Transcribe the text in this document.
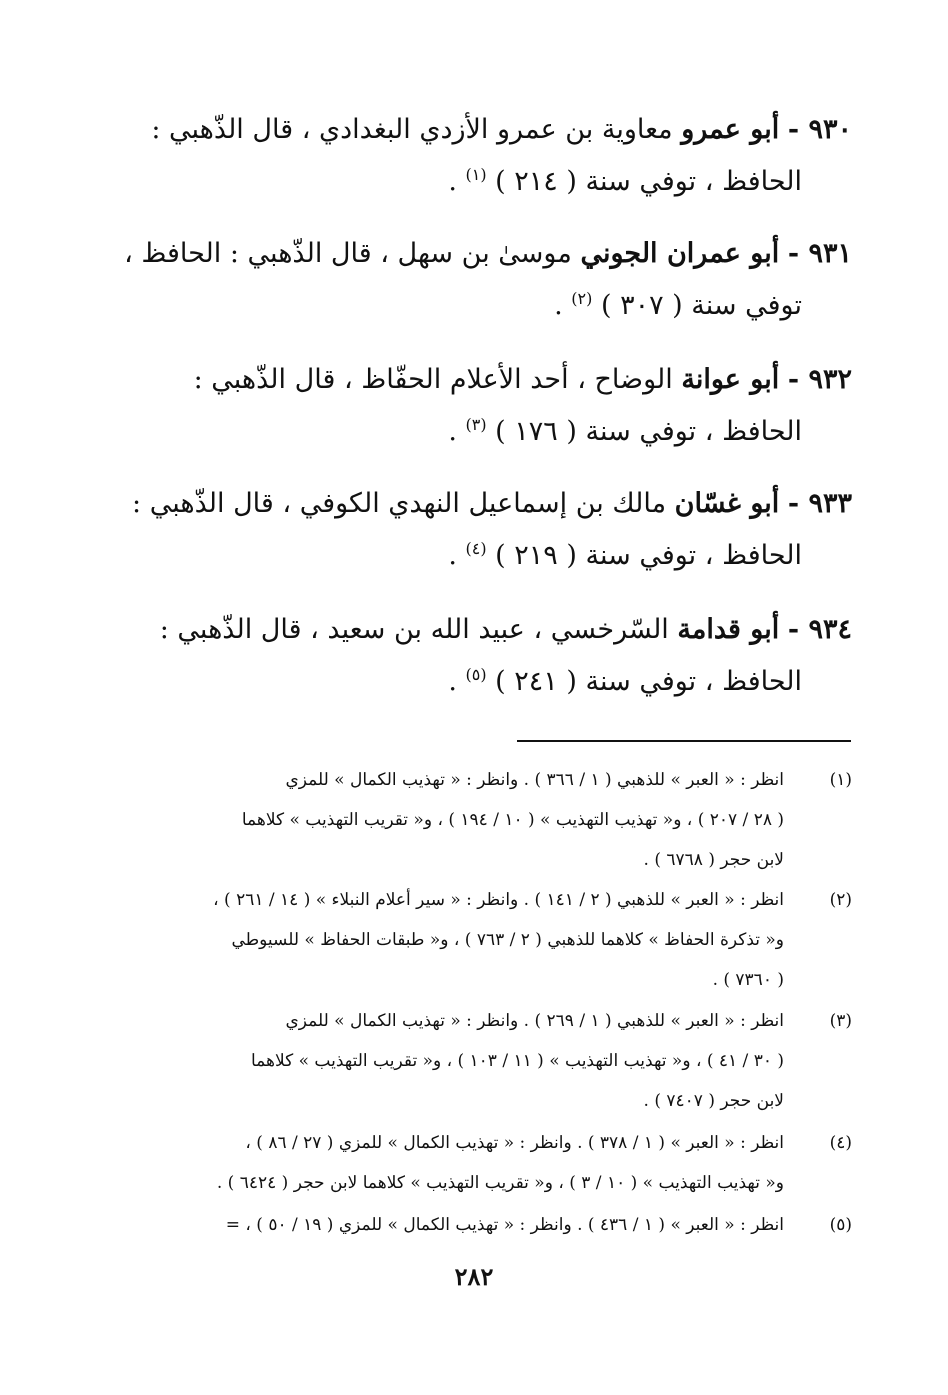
٩٣٠ - أبو عمرو معاوية بن عمرو الأزدي البغدادي ، قال الذّهبي :
الحافظ ، توفي سنة ( ٢١٤ ) $^{(١)}$ .
٩٣١ - أبو عمران الجوني موسىٰ بن سهل ، قال الذّهبي : الحافظ ،
توفي سنة ( ٣٠٧ ) $^{(٢)}$ .
٩٣٢ - أبو عوانة الوضاح ، أحد الأعلام الحفّاظ ، قال الذّهبي :
الحافظ ، توفي سنة ( ١٧٦ ) $^{(٣)}$ .
٩٣٣ - أبو غسّان مالك بن إسماعيل النهدي الكوفي ، قال الذّهبي :
الحافظ ، توفي سنة ( ٢١٩ ) $^{(٤)}$ .
٩٣٤ - أبو قدامة السّرخسي ، عبيد الله بن سعيد ، قال الذّهبي :
الحافظ ، توفي سنة ( ٢٤١ ) $^{(٥)}$ .
(١)
انظر : « العبر » للذهبي ( ١ / ٣٦٦ ) . وانظر : « تهذيب الكمال » للمزي
( ٢٨ / ٢٠٧ ) ، و« تهذيب التهذيب » ( ١٠ / ١٩٤ ) ، و« تقريب التهذيب » كلاهما
لابن حجر ( ٦٧٦٨ ) .
(٢)
انظر : « العبر » للذهبي ( ٢ / ١٤١ ) . وانظر : « سير أعلام النبلاء » ( ١٤ / ٢٦١ ) ،
و« تذكرة الحفاظ » كلاهما للذهبي ( ٢ / ٧٦٣ ) ، و« طبقات الحفاظ » للسيوطي
( ٧٣٦٠ ) .
(٣)
انظر : « العبر » للذهبي ( ١ / ٢٦٩ ) . وانظر : « تهذيب الكمال » للمزي
( ٣٠ / ٤١ ) ، و« تهذيب التهذيب » ( ١١ / ١٠٣ ) ، و« تقريب التهذيب » كلاهما
لابن حجر ( ٧٤٠٧ ) .
(٤)
انظر : « العبر » ( ١ / ٣٧٨ ) . وانظر : « تهذيب الكمال » للمزي ( ٢٧ / ٨٦ ) ،
و« تهذيب التهذيب » ( ١٠ / ٣ ) ، و« تقريب التهذيب » كلاهما لابن حجر ( ٦٤٢٤ ) .
(٥)
انظر : « العبر » ( ١ / ٤٣٦ ) . وانظر : « تهذيب الكمال » للمزي ( ١٩ / ٥٠ ) ، =
٢٨٢
